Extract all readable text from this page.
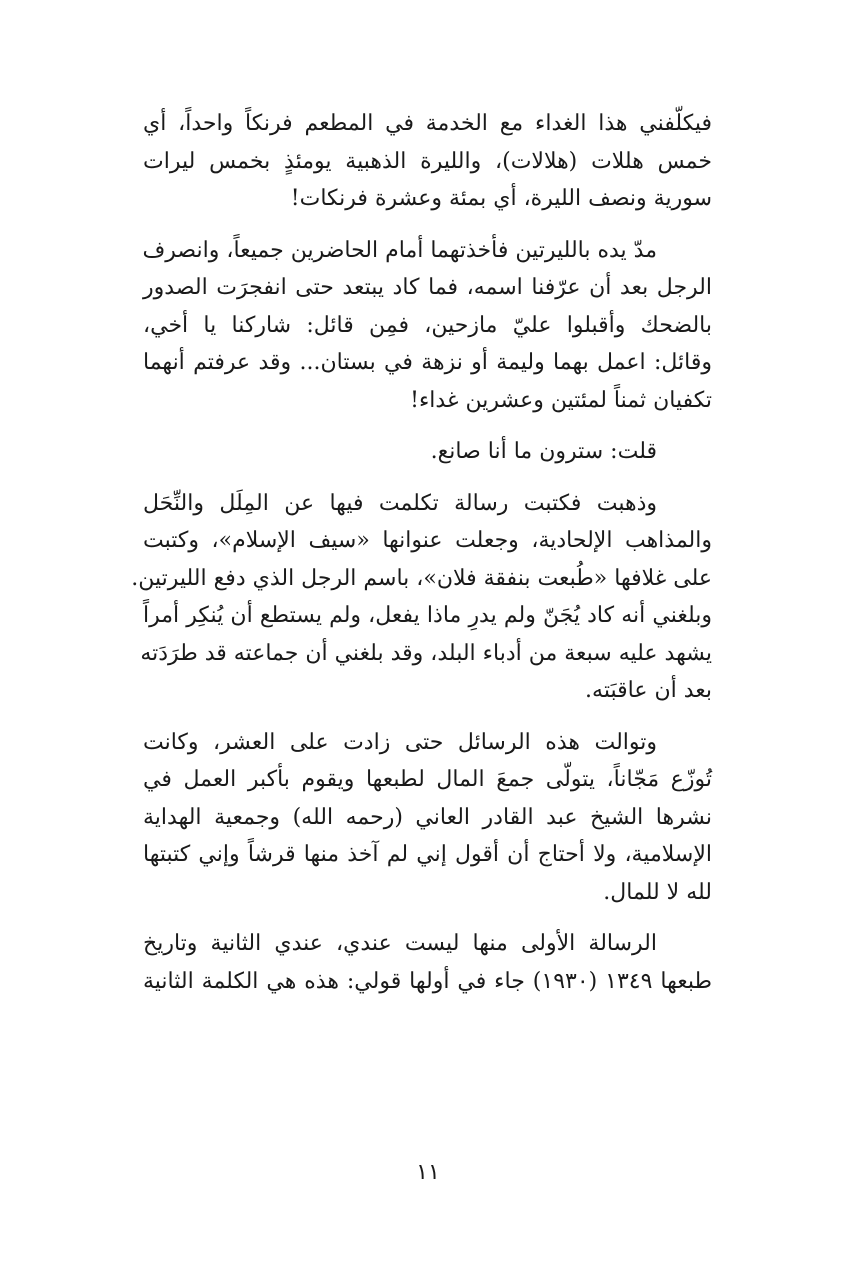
فيكلّفني هذا الغداء مع الخدمة في المطعم فرنكاً واحداً، أي
خمس هللات (هلالات)، والليرة الذهبية يومئذٍ بخمس ليرات
سورية ونصف الليرة، أي بمئة وعشرة فرنكات!
مدّ يده بالليرتين فأخذتهما أمام الحاضرين جميعاً، وانصرف
الرجل بعد أن عرّفنا اسمه، فما كاد يبتعد حتى انفجرَت الصدور
بالضحك وأقبلوا عليّ مازحين، فمِن قائل: شاركنا يا أخي،
وقائل: اعمل بهما وليمة أو نزهة في بستان... وقد عرفتم أنهما
تكفيان ثمناً لمئتين وعشرين غداء!
قلت: سترون ما أنا صانع.
وذهبت فكتبت رسالة تكلمت فيها عن المِلَل والنِّحَل
والمذاهب الإلحادية، وجعلت عنوانها «سيف الإسلام»، وكتبت
على غلافها «طُبعت بنفقة فلان»، باسم الرجل الذي دفع الليرتين.
وبلغني أنه كاد يُجَنّ ولم يدرِ ماذا يفعل، ولم يستطع أن يُنكِر أمراً
يشهد عليه سبعة من أدباء البلد، وقد بلغني أن جماعته قد طرَدَته
بعد أن عاقبَته.
وتوالت هذه الرسائل حتى زادت على العشر، وكانت
تُوزّع مَجّاناً، يتولّى جمعَ المال لطبعها ويقوم بأكبر العمل في
نشرها الشيخ عبد القادر العاني (رحمه الله) وجمعية الهداية
الإسلامية، ولا أحتاج أن أقول إني لم آخذ منها قرشاً وإني كتبتها
لله لا للمال.
الرسالة الأولى منها ليست عندي، عندي الثانية وتاريخ
طبعها ١٣٤٩ (١٩٣٠) جاء في أولها قولي: هذه هي الكلمة الثانية
١١
